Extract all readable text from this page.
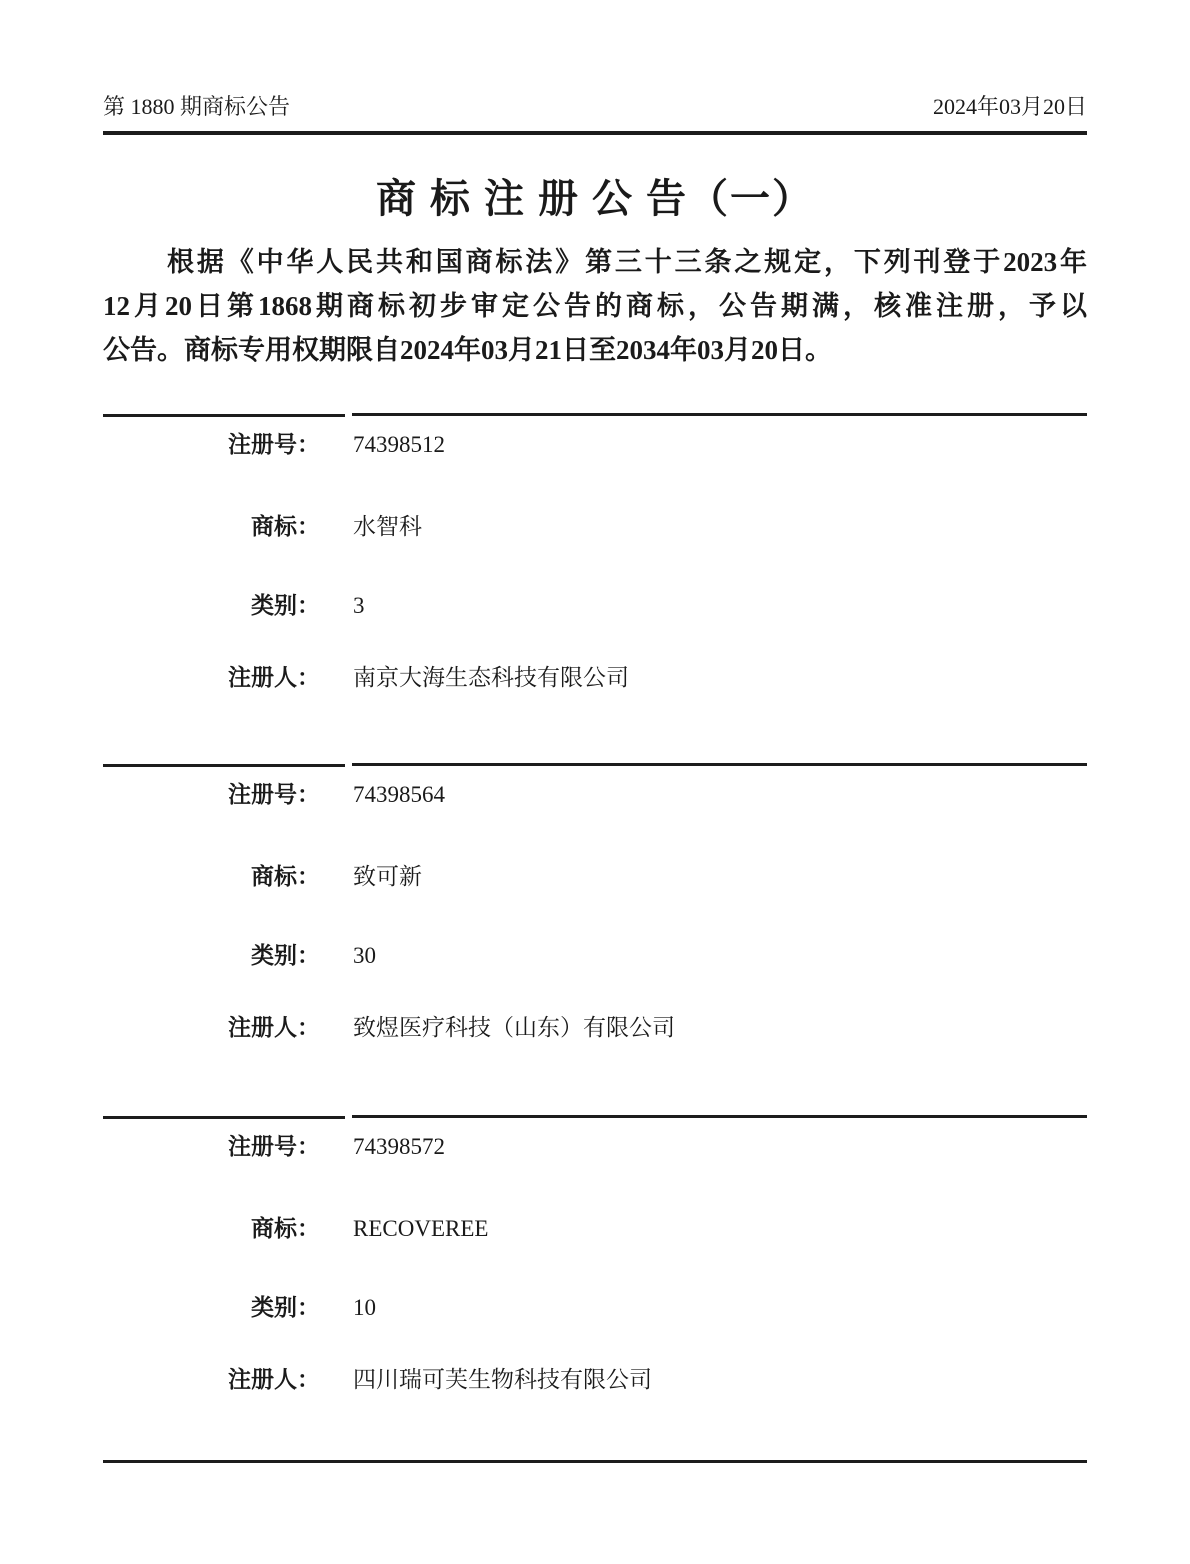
第 1880 期商标公告	2024年03月20日
商 标 注 册 公 告（一）
根据《中华人民共和国商标法》第三十三条之规定，下列刊登于2023年
12月20日第1868期商标初步审定公告的商标，公告期满，核准注册，予以
公告。商标专用权期限自2024年03月21日至2034年03月20日。
注册号： 74398512
商标： 水智科
类别： 3
注册人： 南京大海生态科技有限公司
注册号： 74398564
商标： 致可新
类别： 30
注册人： 致煜医疗科技（山东）有限公司
注册号： 74398572
商标： RECOVEREE
类别： 10
注册人： 四川瑞可芙生物科技有限公司
